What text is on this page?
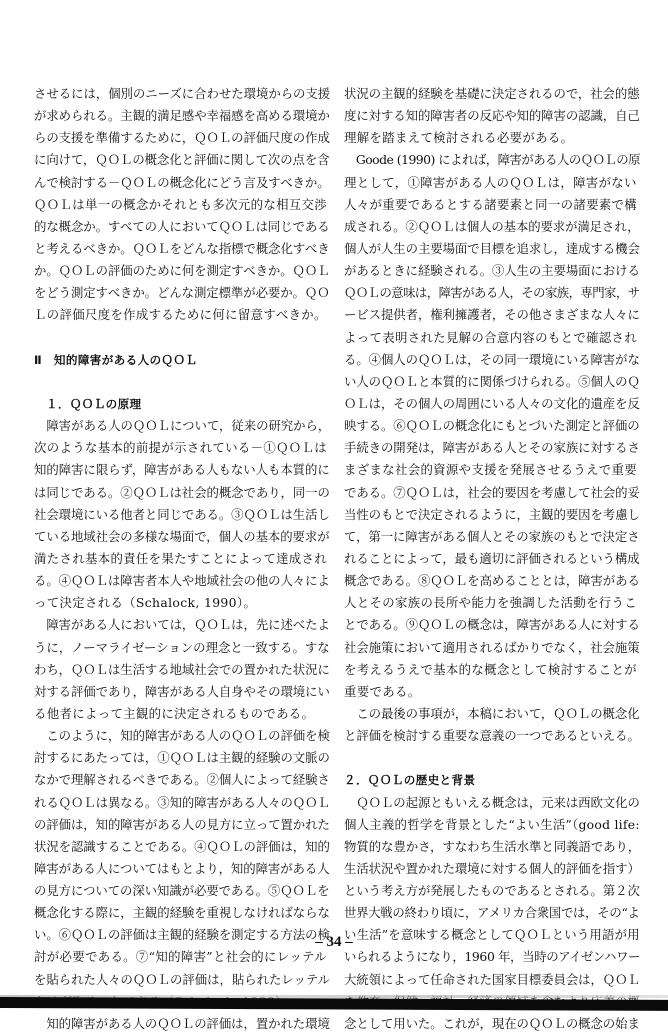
させるには，個別のニーズに合わせた環境からの支援
が求められる。主観的満足感や幸福感を高める環境か
らの支援を準備するために，ＱＯＬの評価尺度の作成
に向けて，ＱＯＬの概念化と評価に関して次の点を含
んで検討する－ＱＯＬの概念化にどう言及すべきか。
ＱＯＬは単一の概念かそれとも多次元的な相互交渉
的な概念か。すべての人においてＱＯＬは同じである
と考えるべきか。ＱＯＬをどんな指標で概念化すべき
か。ＱＯＬの評価のために何を測定すべきか。ＱＯＬ
をどう測定すべきか。どんな測定標準が必要か。ＱＯ
Ｌの評価尺度を作成するために何に留意すべきか。
Ⅱ　知的障害がある人のＱＯＬ
　１．ＱＯＬの原理
　障害がある人のＱＯＬについて，従来の研究から，
次のような基本的前提が示されている－①ＱＯＬは
知的障害に限らず，障害がある人もない人も本質的に
は同じである。②ＱＯＬは社会的概念であり，同一の
社会環境にいる他者と同じである。③ＱＯＬは生活し
ている地域社会の多様な場面で，個人の基本的要求が
満たされ基本的責任を果たすことによって達成され
る。④ＱＯＬは障害者本人や地域社会の他の人々によ
って決定される（Schalock, 1990）。
　障害がある人においては，ＱＯＬは，先に述べたよ
うに，ノーマライゼーションの理念と一致する。すな
わち，ＱＯＬは生活する地域社会での置かれた状況に
対する評価であり，障害がある人自身やその環境にい
る他者によって主観的に決定されるものである。
　このように，知的障害がある人のＱＯＬの評価を検
討するにあたっては，①ＱＯＬは主観的経験の文脈の
なかで理解されるべきである。②個人によって経験さ
れるＱＯＬは異なる。③知的障害がある人々のＱＯＬ
の評価は，知的障害がある人の見方に立って置かれた
状況を認識することである。④ＱＯＬの評価は，知的
障害がある人についてはもとより，知的障害がある人
の見方についての深い知識が必要である。⑤ＱＯＬを
概念化する際に，主観的経験を重視しなければならな
い。⑥ＱＯＬの評価は主観的経験を測定する方法の検
討が必要である。⑦“知的障害”と社会的にレッテル
を貼られた人々のＱＯＬの評価は，貼られたレッテル
　知的障害がある人のＱＯＬの評価は，置かれた環境
状況の主観的経験を基礎に決定されるので，社会的態
度に対する知的障害者の反応や知的障害の認識，自己
理解を踏まえて検討される必要がある。
　Goode (1990) によれば，障害がある人のＱＯＬの原
理として，①障害がある人のＱＯＬは，障害がない
人々が重要であるとする諸要素と同一の諸要素で構
成される。②ＱＯＬは個人の基本的要求が満足され，
個人が人生の主要場面で目標を追求し，達成する機会
があるときに経験される。③人生の主要場面における
ＱＯＬの意味は，障害がある人，その家族，専門家，サ
ービス提供者，権利擁護者，その他さまざまな人々に
よって表明された見解の合意内容のもとで確認され
る。④個人のＱＯＬは，その同一環境にいる障害がな
い人のＱＯＬと本質的に関係づけられる。⑤個人のＱ
ＯＬは，その個人の周囲にいる人々の文化的遺産を反
映する。⑥ＱＯＬの概念化にもとづいた測定と評価の
手続きの開発は，障害がある人とその家族に対するさ
まざまな社会的資源や支援を発展させるうえで重要
である。⑦ＱＯＬは，社会的要因を考慮して社会的妥
当性のもとで決定されるように，主観的要因を考慮し
て，第一に障害がある個人とその家族のもとで決定さ
れることによって，最も適切に評価されるという構成
概念である。⑧ＱＯＬを高めることとは，障害がある
人とその家族の長所や能力を強調した活動を行うこ
とである。⑨ＱＯＬの概念は，障害がある人に対する
社会施策において適用されるばかりでなく，社会施策
を考えるうえで基本的な概念として検討することが
重要である。
　この最後の事項が，本稿において，ＱＯＬの概念化
と評価を検討する重要な意義の一つであるといえる。
２．ＱＯＬの歴史と背景
　ＱＯＬの起源ともいえる概念は，元来は西欧文化の
個人主義的哲学を背景とした“よい生活”（good life:
物質的な豊かさ，すなわち生活水準と同義語であり，
生活状況や置かれた環境に対する個人的評価を指す）
という考え方が発展したものであるとされる。第２次
世界大戦の終わり頃に，アメリカ合衆国では，その“よ
い生活”を意味する概念としてＱＯＬという用語が用
いられるようになり，1960 年，当時のアイゼンハワー
大統領によって任命された国家目標委員会は，ＱＯＬ
念として用いた。これが，現在のＱＯＬの概念の始ま
– 34 –
